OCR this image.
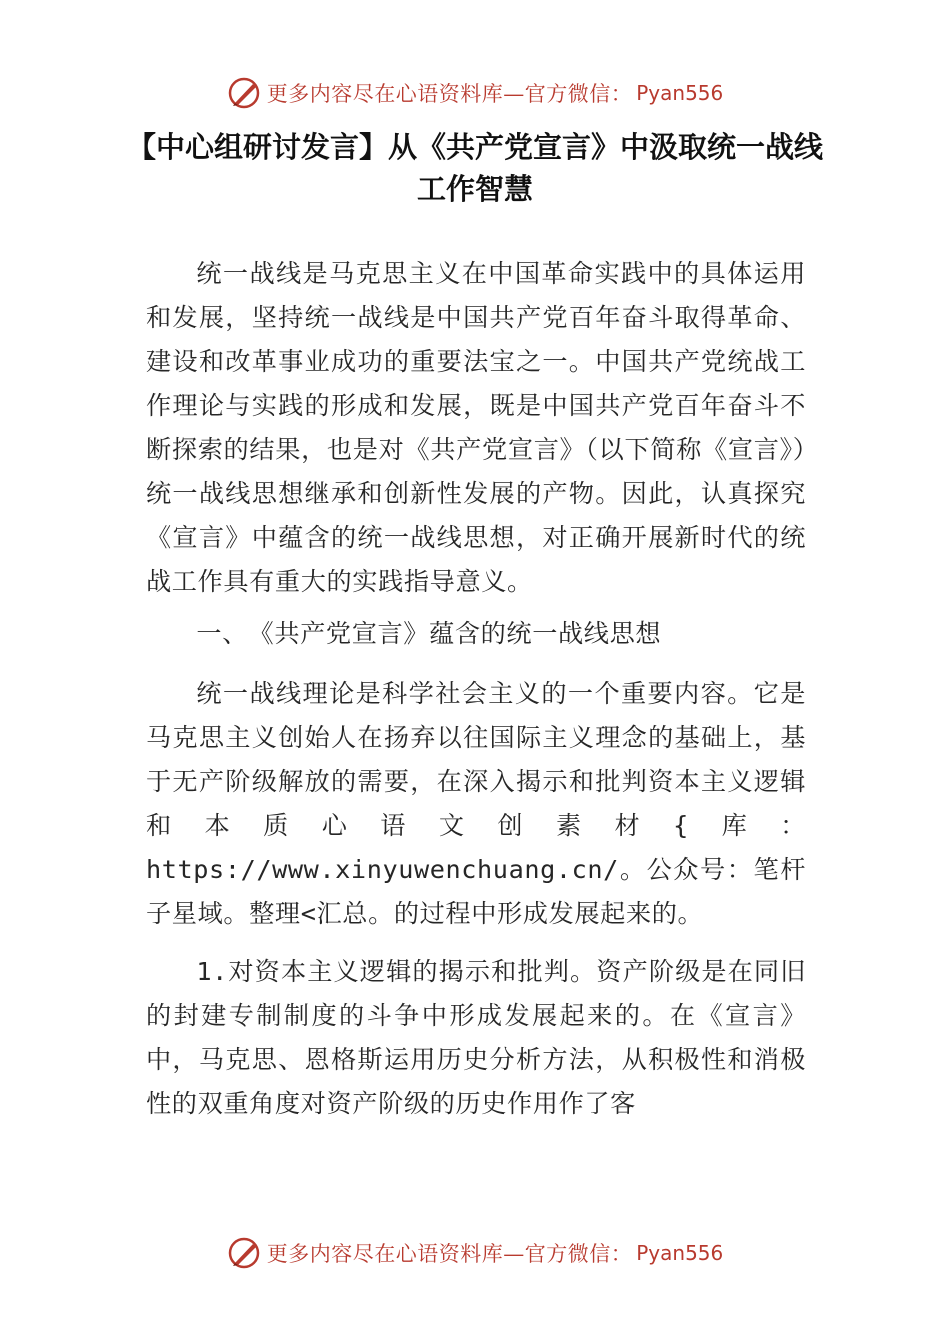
更多内容尽在心语资料库—官方微信： Pyan556
【中心组研讨发言】从《共产党宣言》中汲取统一战线工作智慧

统一战线是马克思主义在中国革命实践中的具体运用和发展，坚持统一战线是中国共产党百年奋斗取得革命、建设和改革事业成功的重要法宝之一。中国共产党统战工作理论与实践的形成和发展，既是中国共产党百年奋斗不断探索的结果，也是对《共产党宣言》（以下简称《宣言》）统一战线思想继承和创新性发展的产物。因此，认真探究《宣言》中蕴含的统一战线思想，对正确开展新时代的统战工作具有重大的实践指导意义。

一、　《共产党宣言》蕴含的统一战线思想

统一战线理论是科学社会主义的一个重要内容。它是马克思主义创始人在扬弃以往国际主义理念的基础上，基于无产阶级解放的需要，在深入揭示和批判资本主义逻辑和本质心语文创素材{库：https://www.xinyuwenchuang.cn/。公众号：笔杆子星域。整理<汇总。的过程中形成发展起来的。

1.对资本主义逻辑的揭示和批判。资产阶级是在同旧的封建专制制度的斗争中形成发展起来的。在《宣言》中，马克思、恩格斯运用历史分析方法，从积极性和消极性的双重角度对资产阶级的历史作用作了客

更多内容尽在心语资料库—官方微信： Pyan556
